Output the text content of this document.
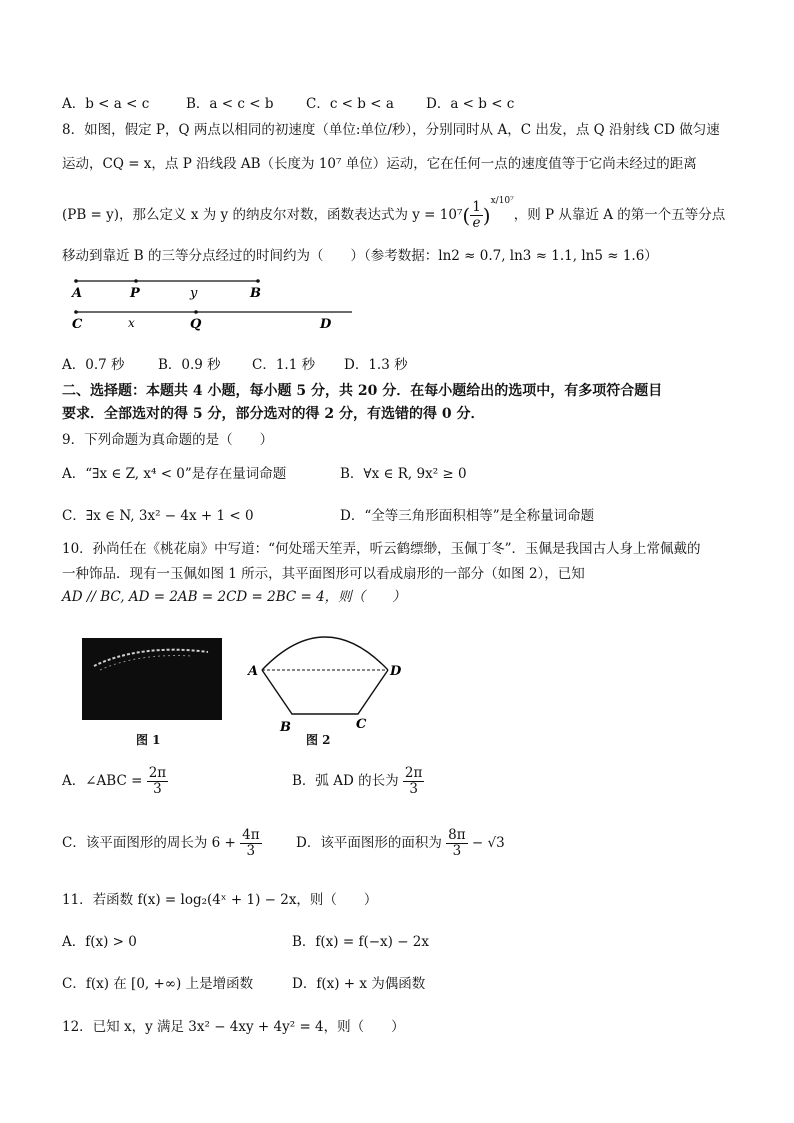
A．b < a < c	B．a < c < b C．c < b < a D．a < b < c
8．如图，假定 P，Q 两点以相同的初速度（单位:单位/秒），分别同时从 A，C 出发，点 Q 沿射线 CD 做匀速
运动，CQ = x，点 P 沿线段 AB（长度为 10⁷ 单位）运动，它在任何一点的速度值等于它尚未经过的距离
(PB = y)，那么定义 x 为 y 的纳皮尔对数，函数表达式为 $y = 10^7( \frac{1}{e} )^{x/10^7}$，则 P 从靠近 A 的第一个五等分点
移动到靠近 B 的三等分点经过的时间约为（　　）（参考数据：ln2 ≈ 0.7, ln3 ≈ 1.1, ln5 ≈ 1.6）
A	P	y	B
C	x	Q	D
A．0.7 秒 B．0.9 秒 C．1.1 秒 D．1.3 秒
二、选择题：本题共 4 小题，每小题 5 分，共 20 分．在每小题给出的选项中，有多项符合题目
要求．全部选对的得 5 分，部分选对的得 2 分，有选错的得 0 分．
9．下列命题为真命题的是（　　）
A．“∃x ∈ Z, x⁴ < 0”是存在量词命题	B．∀x ∈ R, 9x² ≥ 0
C．∃x ∈ N, 3x² − 4x + 1 < 0	D．“全等三角形面积相等”是全称量词命题
10．孙尚任在《桃花扇》中写道：“何处瑶天笙弄，听云鹤缥缈，玉佩丁冬”．玉佩是我国古人身上常佩戴的
一种饰品．现有一玉佩如图 1 所示，其平面图形可以看成扇形的一部分（如图 2），已知
AD // BC, AD = 2AB = 2CD = 2BC = 4，则（　　）
图 1
A	D
B	C
图 2
A．∠ABC = $\frac{2\pi}{3}$	B．弧 AD 的长为 $\frac{2\pi}{3}$
C．该平面图形的周长为 $6 + \frac{4\pi}{3}$	D．该平面图形的面积为 $\frac{8\pi}{3} - √3$
11．若函数 f(x) = log₂(4ˣ + 1) − 2x，则（　　）
A．f(x) > 0	B．f(x) = f(−x) − 2x
C．f(x) 在 [0, +∞) 上是增函数	D．f(x) + x 为偶函数
12．已知 x，y 满足 3x² − 4xy + 4y² = 4，则（　　）
